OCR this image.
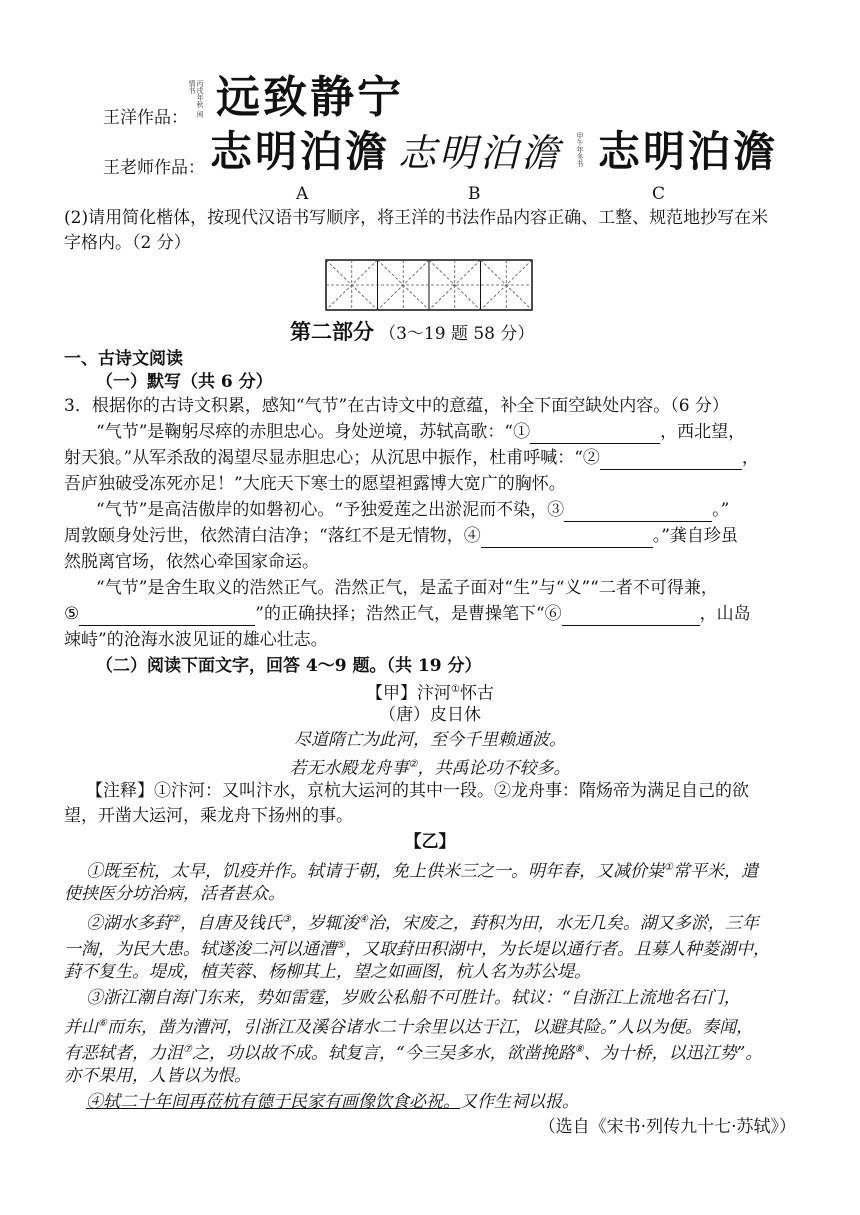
王洋作品：
丙戌年秋 闲情书 远致静宁
王老师作品： 志明泊澹 志明泊澹 甲午年冬书 志明泊澹
A	B	C
(2)请用简化楷体，按现代汉语书写顺序，将王洋的书法作品内容正确、工整、规范地抄写在米
字格内。（2 分）
第二部分 （3～19 题 58 分）
一、古诗文阅读
（一）默写（共 6 分）
3．根据你的古诗文积累，感知“气节”在古诗文中的意蕴，补全下面空缺处内容。（6 分）
“气节”是鞠躬尽瘁的赤胆忠心。身处逆境，苏轼高歌：“①	，西北望，
射天狼。”从军杀敌的渴望尽显赤胆忠心；从沉思中振作，杜甫呼喊：“②	，
吾庐独破受冻死亦足！”大庇天下寒士的愿望袒露博大宽广的胸怀。
“气节”是高洁傲岸的如磐初心。“予独爱莲之出淤泥而不染，③	。”
周敦颐身处污世，依然清白洁净；“落红不是无情物，④	。”龚自珍虽
然脱离官场，依然心牵国家命运。
“气节”是舍生取义的浩然正气。浩然正气，是孟子面对“生”与“义”“二者不可得兼，
⑤	”的正确抉择；浩然正气，是曹操笔下“⑥	，山岛
竦峙”的沧海水波见证的雄心壮志。
（二）阅读下面文字，回答 4～9 题。（共 19 分）
【甲】汴河①怀古
（唐）皮日休
尽道隋亡为此河，至今千里赖通波。
若无水殿龙舟事②，共禹论功不较多。
【注释】①汴河：又叫汴水，京杭大运河的其中一段。②龙舟事：隋炀帝为满足自己的欲
望，开凿大运河，乘龙舟下扬州的事。
【乙】
①既至杭，太早，饥疫并作。轼请于朝，免上供米三之一。明年春，又减价粜①常平米，遣
使挟医分坊治病，活者甚众。
②湖水多葑②，自唐及钱氏③，岁辄浚④治，宋废之，葑积为田，水无几矣。湖又多淤，三年
一淘，为民大患。轼遂浚二河以通漕⑤，又取葑田积湖中，为长堤以通行者。且募人种菱湖中，
葑不复生。堤成，植芙蓉、杨柳其上，望之如画图，杭人名为苏公堤。
③浙江潮自海门东来，势如雷霆，岁败公私船不可胜计。轼议：“自浙江上流地名石门，
并山⑥而东，凿为漕河，引浙江及溪谷诸水二十余里以达于江，以避其险。”人以为便。奏闻，
有恶轼者，力沮⑦之，功以故不成。轼复言，“今三吴多水，欲凿挽路⑧、为十桥，以迅江势”。
亦不果用，人皆以为恨。
④轼二十年间再莅杭有德于民家有画像饮食必祝。又作生祠以报。
（选自《宋书·列传九十七·苏轼》）
